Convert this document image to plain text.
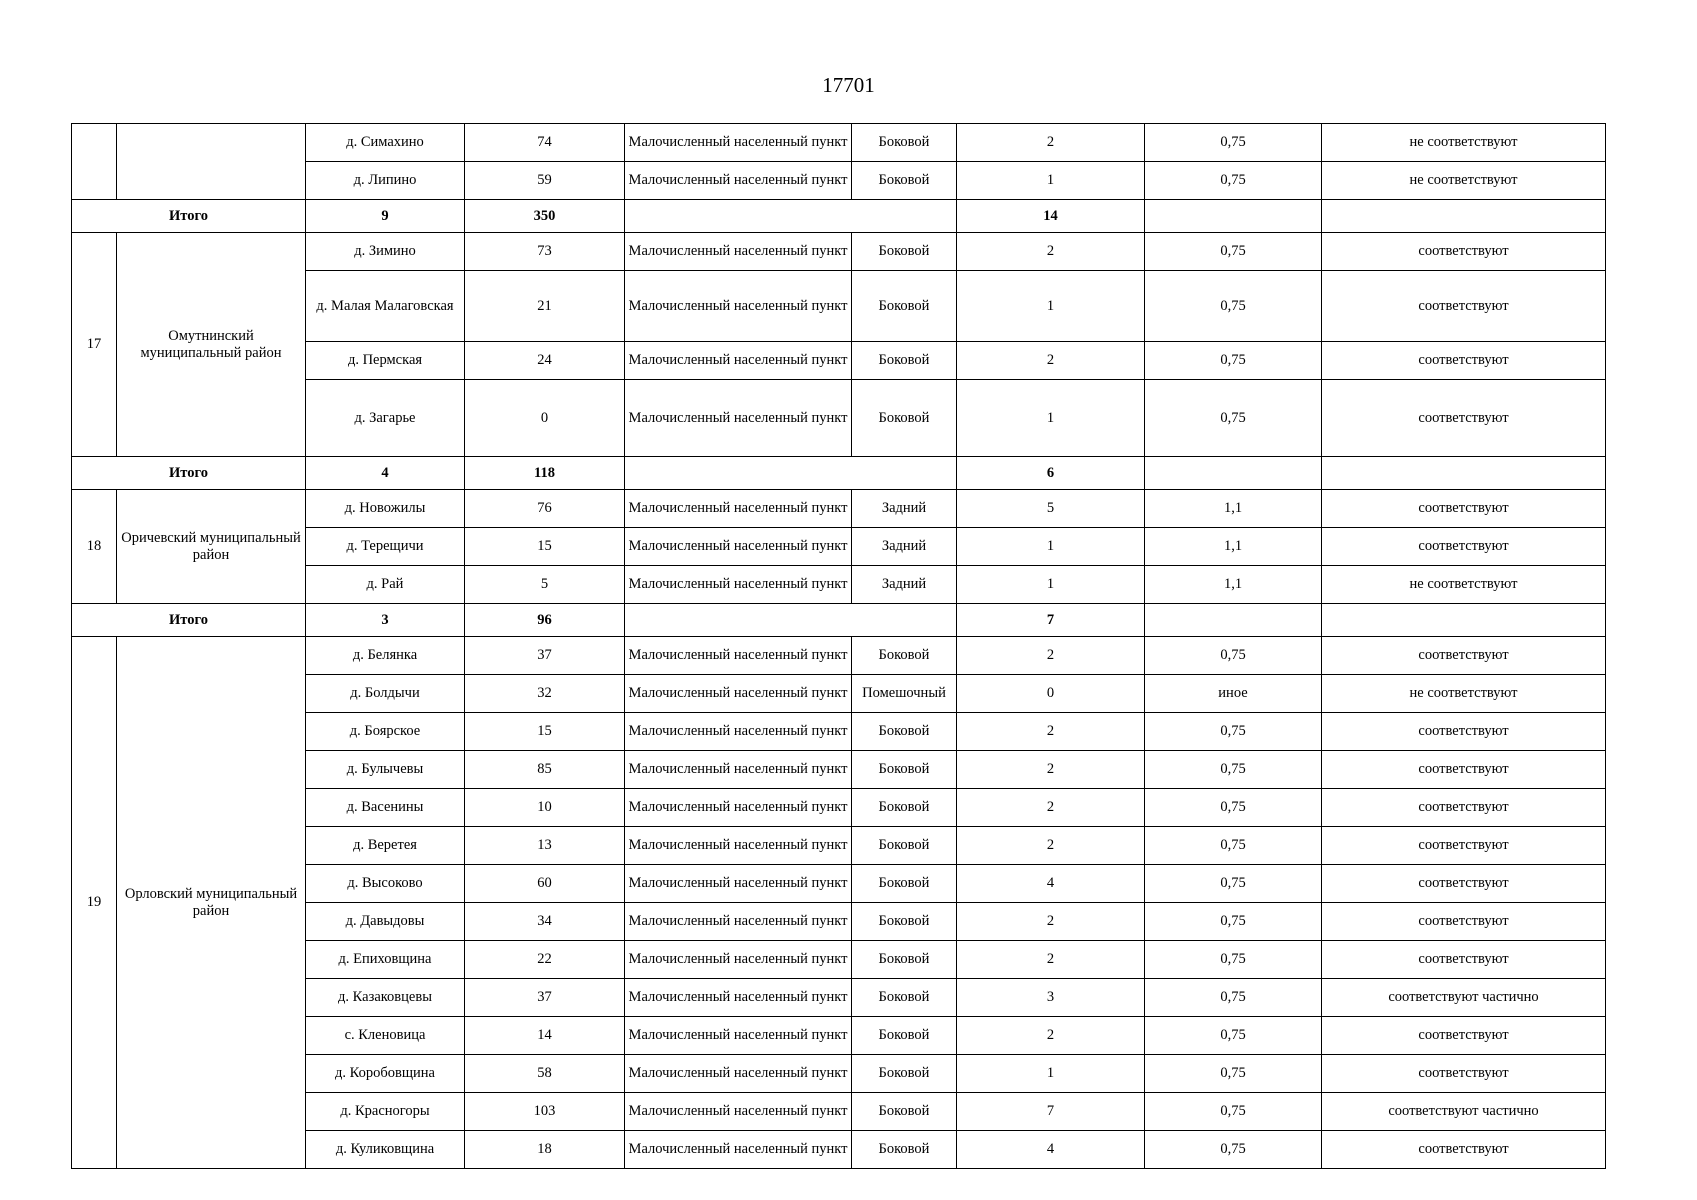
17701
		д. Симахино	74	Малочисленный населенный пункт	Боковой	2	0,75	не соответствуют
		д. Липино	59	Малочисленный населенный пункт	Боковой	1	0,75	не соответствуют
Итого		9	350			14		
17	Омутнинский муниципальный район	д. Зимино	73	Малочисленный населенный пункт	Боковой	2	0,75	соответствуют
		д. Малая Малаговская	21	Малочисленный населенный пункт	Боковой	1	0,75	соответствуют
		д. Пермская	24	Малочисленный населенный пункт	Боковой	2	0,75	соответствуют
		д. Загарье	0	Малочисленный населенный пункт	Боковой	1	0,75	соответствуют
Итого		4	118			6		
18	Оричевский муниципальный район	д. Новожилы	76	Малочисленный населенный пункт	Задний	5	1,1	соответствуют
		д. Терещичи	15	Малочисленный населенный пункт	Задний	1	1,1	соответствуют
		д. Рай	5	Малочисленный населенный пункт	Задний	1	1,1	не соответствуют
Итого		3	96			7		
19	Орловский муниципальный район	д. Белянка	37	Малочисленный населенный пункт	Боковой	2	0,75	соответствуют
		д. Болдычи	32	Малочисленный населенный пункт	Помешочный	0	иное	не соответствуют
		д. Боярское	15	Малочисленный населенный пункт	Боковой	2	0,75	соответствуют
		д. Булычевы	85	Малочисленный населенный пункт	Боковой	2	0,75	соответствуют
		д. Васенины	10	Малочисленный населенный пункт	Боковой	2	0,75	соответствуют
		д. Веретея	13	Малочисленный населенный пункт	Боковой	2	0,75	соответствуют
		д. Высоково	60	Малочисленный населенный пункт	Боковой	4	0,75	соответствуют
		д. Давыдовы	34	Малочисленный населенный пункт	Боковой	2	0,75	соответствуют
		д. Епиховщина	22	Малочисленный населенный пункт	Боковой	2	0,75	соответствуют
		д. Казаковцевы	37	Малочисленный населенный пункт	Боковой	3	0,75	соответствуют частично
		с. Кленовица	14	Малочисленный населенный пункт	Боковой	2	0,75	соответствуют
		д. Коробовщина	58	Малочисленный населенный пункт	Боковой	1	0,75	соответствуют
		д. Красногоры	103	Малочисленный населенный пункт	Боковой	7	0,75	соответствуют частично
		д. Куликовщина	18	Малочисленный населенный пункт	Боковой	4	0,75	соответствуют
